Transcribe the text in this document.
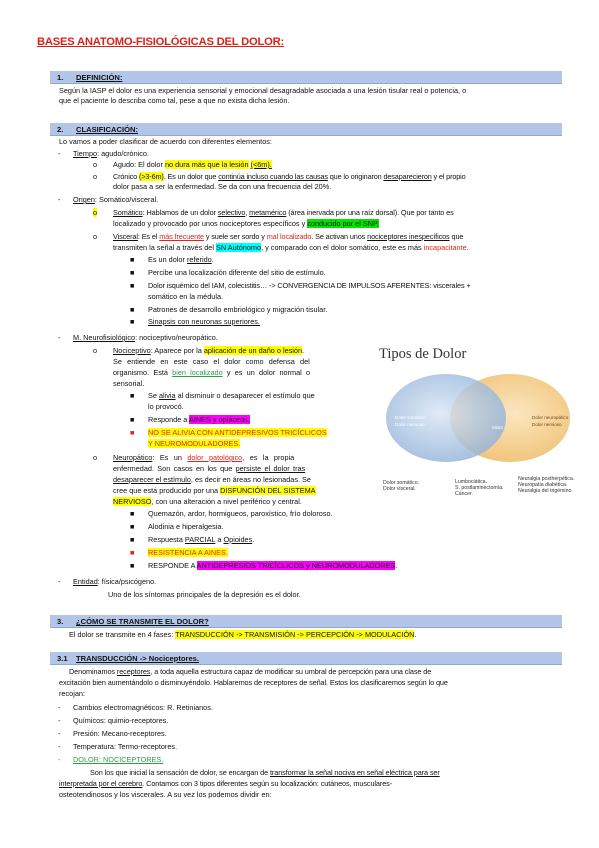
BASES ANATOMO-FISIOLÓGICAS DEL DOLOR:
1. DEFINICIÓN:
Según la IASP el dolor es una experiencia sensorial y emocional desagradable asociada a una lesión tisular real o potencia, o
que el paciente lo describa como tal, pese a que no exista dicha lesión.
2. CLASIFICACIÓN:
Lo vamos a poder clasificar de acuerdo con diferentes elementos:
- Tiempo: agudo/crónico.
o Agudo: El dolor no dura más que la lesión (<6m).
o Crónico (>3-6m). Es un dolor que continúa incluso cuando las causas que lo originaron desaparecieron y el propio
dolor pasa a ser la enfermedad. Se da con una frecuencia del 20%.
- Origen: Somático/visceral.
o Somático: Hablamos de un dolor selectivo, metamérico (área inervada por una raíz dorsal). Que por tanto es
localizado y provocado por unos nociceptores específicos y conducido por el SNP.
o Visceral: Es el más frecuente y suele ser sordo y mal localizado. Se activan unos nociceptores inespecíficos que
transmiten la señal a través del SN Autónomo, y comparado con el dolor somático, este es más incapacitante.
■ Es un dolor referido.
■ Percibe una localización diferente del sitio de estímulo.
■ Dolor isquémico del IAM, colecistitis… -> CONVERGENCIA DE IMPULSOS AFERENTES: viscerales +
somático en la médula.
■ Patrones de desarrollo embriológico y migración tisular.
■ Sinapsis con neuronas superiores.
- M. Neurofisiológico: nociceptivo/neuropático.
o Nociceptivo: Aparece por la aplicación de un daño o lesión.
Se entiende en este caso el dolor como defensa del
organismo. Está bien localizado y es un dolor normal o
sensorial.
■ Se alivia al disminuir o desaparecer el estímulo que
lo provocó.
■ Responde a AINES y opiáceos.
■ NO SE ALIVIA CON ANTIDEPRESIVOS TRICÍCLICOS
Y NEUROMODULADORES.
o Neuropático: Es un dolor patológico, es la propia
enfermedad. Son casos en los que persiste el dolor tras
desaparecer el estímulo, es decir en áreas no lesionadas. Se
cree que está producido por una DISFUNCIÓN DEL SISTEMA
NERVIOSO, con una alteración a nivel periférico y central.
■ Quemazón, ardor, hormigueos, paroxístico, frío doloroso.
■ Alodinia e hiperalgesia.
■ Respuesta PARCIAL a Opioides.
■ RESISTENCIA A AINES.
■ RESPONDE A ANTIDEPRESIOS TRICÍCLICOS y NEUROMODULADORES.
- Entidad: física/psicógeno.
Uno de los síntomas principales de la depresión es el dolor.
Tipos de Dolor
Dolor somático
Dolor nervioso
Mixto
Dolor neuropático
Dolor nervioso
Dolor somático.
Dolor visceral.
Lumbociática.
S. postlaminectomía.
Cáncer.
Neuralgia postherpética.
Neuropatía diabética.
Neuralgia del trigémino.
3. ¿CÓMO SE TRANSMITE EL DOLOR?
El dolor se transmite en 4 fases: TRANSDUCCIÓN -> TRANSMISIÓN -> PERCEPCIÓN -> MODULACIÓN.
3.1 TRANSDUCCIÓN -> Nociceptores.
Denominamos receptores, a toda aquella estructura capaz de modificar su umbral de percepción para una clase de
excitación bien aumentándolo o disminuyéndolo. Hablaremos de receptores de señal. Estos los clasificaremos según lo que
recojan:
- Cambios electromagnéticos: R. Retinianos.
- Químicos: quimio-receptores.
- Presión: Mecano-receptores.
- Temperatura: Termo-receptores.
- DOLOR: NOCICEPTORES.
Son los que inicial la sensación de dolor, se encargan de transformar la señal nociva en señal eléctrica para ser
interpretada por el cerebro. Contamos con 3 tipos diferentes según su localización: cutáneos, musculares-
osteotendinosos y los viscerales. A su vez los podemos dividir en:
